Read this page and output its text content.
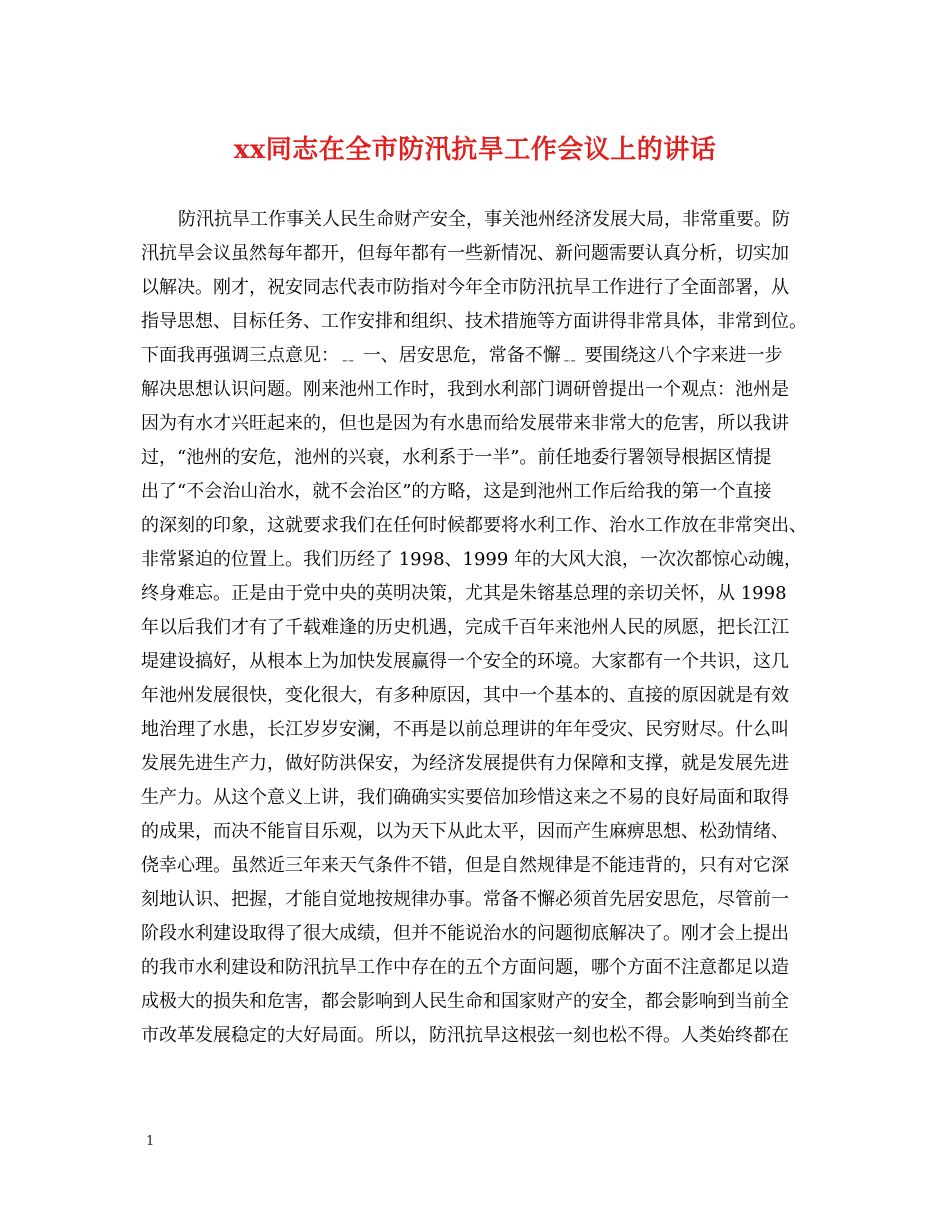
xx同志在全市防汛抗旱工作会议上的讲话
防汛抗旱工作事关人民生命财产安全，事关池州经济发展大局，非常重要。防
汛抗旱会议虽然每年都开，但每年都有一些新情况、新问题需要认真分析，切实加
以解决。刚才，祝安同志代表市防指对今年全市防汛抗旱工作进行了全面部署，从
指导思想、目标任务、工作安排和组织、技术措施等方面讲得非常具体，非常到位。
下面我再强调三点意见：﹎ 一、居安思危，常备不懈﹎ 要围绕这八个字来进一步
解决思想认识问题。刚来池州工作时，我到水利部门调研曾提出一个观点：池州是
因为有水才兴旺起来的，但也是因为有水患而给发展带来非常大的危害，所以我讲
过，“池州的安危，池州的兴衰，水利系于一半”。前任地委行署领导根据区情提
出了“不会治山治水，就不会治区”的方略，这是到池州工作后给我的第一个直接
的深刻的印象，这就要求我们在任何时候都要将水利工作、治水工作放在非常突出、
非常紧迫的位置上。我们历经了 1998、1999 年的大风大浪，一次次都惊心动魄，
终身难忘。正是由于党中央的英明决策，尤其是朱镕基总理的亲切关怀，从 1998
年以后我们才有了千载难逢的历史机遇，完成千百年来池州人民的夙愿，把长江江
堤建设搞好，从根本上为加快发展赢得一个安全的环境。大家都有一个共识，这几
年池州发展很快，变化很大，有多种原因，其中一个基本的、直接的原因就是有效
地治理了水患，长江岁岁安澜，不再是以前总理讲的年年受灾、民穷财尽。什么叫
发展先进生产力，做好防洪保安，为经济发展提供有力保障和支撑，就是发展先进
生产力。从这个意义上讲，我们确确实实要倍加珍惜这来之不易的良好局面和取得
的成果，而决不能盲目乐观，以为天下从此太平，因而产生麻痹思想、松劲情绪、
侥幸心理。虽然近三年来天气条件不错，但是自然规律是不能违背的，只有对它深
刻地认识、把握，才能自觉地按规律办事。常备不懈必须首先居安思危，尽管前一
阶段水利建设取得了很大成绩，但并不能说治水的问题彻底解决了。刚才会上提出
的我市水利建设和防汛抗旱工作中存在的五个方面问题，哪个方面不注意都足以造
成极大的损失和危害，都会影响到人民生命和国家财产的安全，都会影响到当前全
市改革发展稳定的大好局面。所以，防汛抗旱这根弦一刻也松不得。人类始终都在
1
